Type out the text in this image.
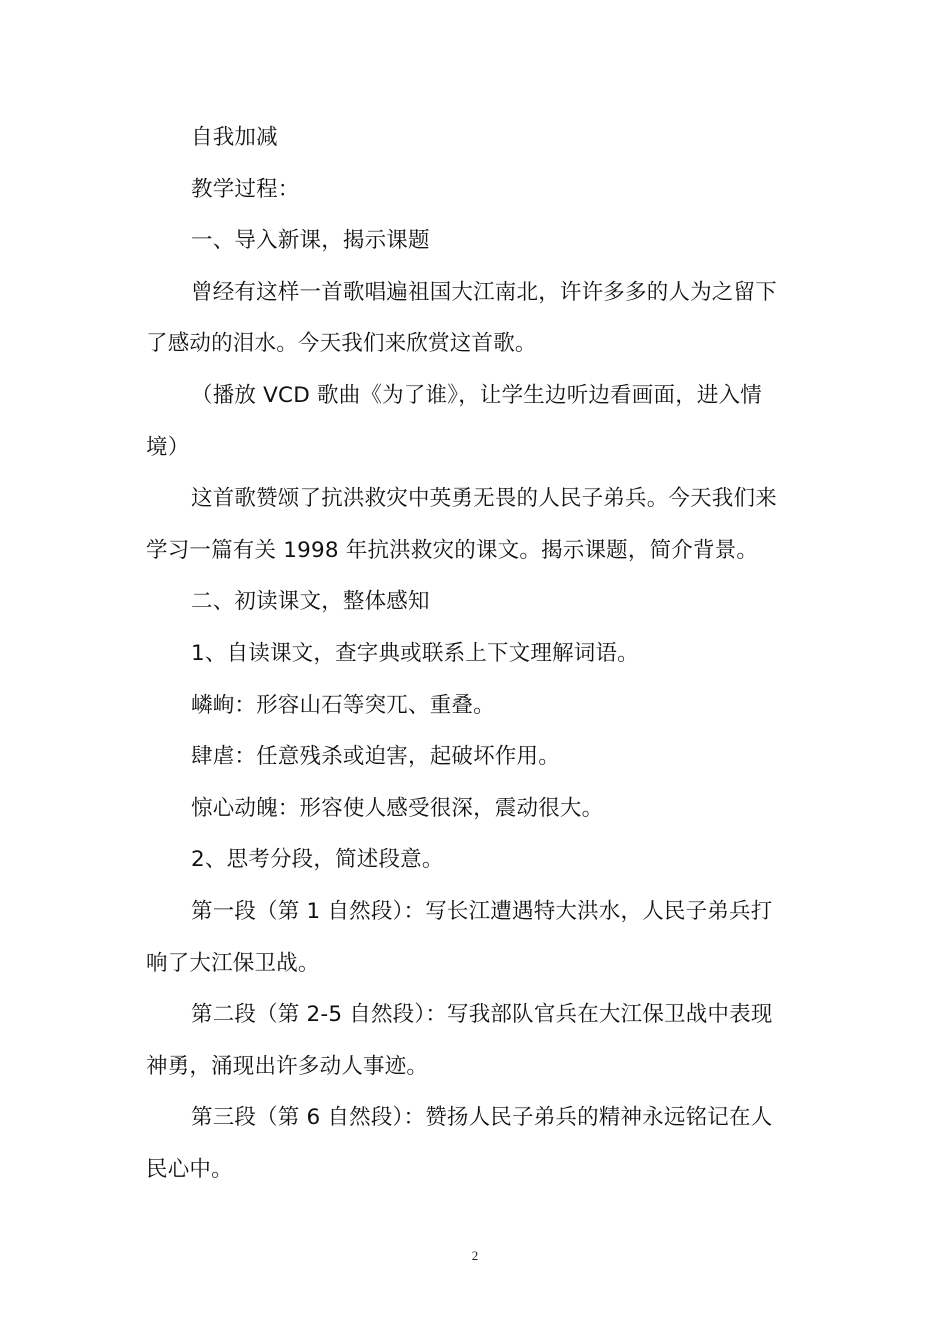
自我加减
教学过程：
一、导入新课，揭示课题
曾经有这样一首歌唱遍祖国大江南北，许许多多的人为之留下
了感动的泪水。今天我们来欣赏这首歌。
（播放 VCD 歌曲《为了谁》，让学生边听边看画面，进入情
境）
这首歌赞颂了抗洪救灾中英勇无畏的人民子弟兵。今天我们来
学习一篇有关 1998 年抗洪救灾的课文。揭示课题，简介背景。
二、初读课文，整体感知
1、自读课文，查字典或联系上下文理解词语。
嶙峋：形容山石等突兀、重叠。
肆虐：任意残杀或迫害，起破坏作用。
惊心动魄：形容使人感受很深，震动很大。
2、思考分段，简述段意。
第一段（第 1 自然段）：写长江遭遇特大洪水，人民子弟兵打
响了大江保卫战。
第二段（第 2-5 自然段）：写我部队官兵在大江保卫战中表现
神勇，涌现出许多动人事迹。
第三段（第 6 自然段）：赞扬人民子弟兵的精神永远铭记在人
民心中。
2
